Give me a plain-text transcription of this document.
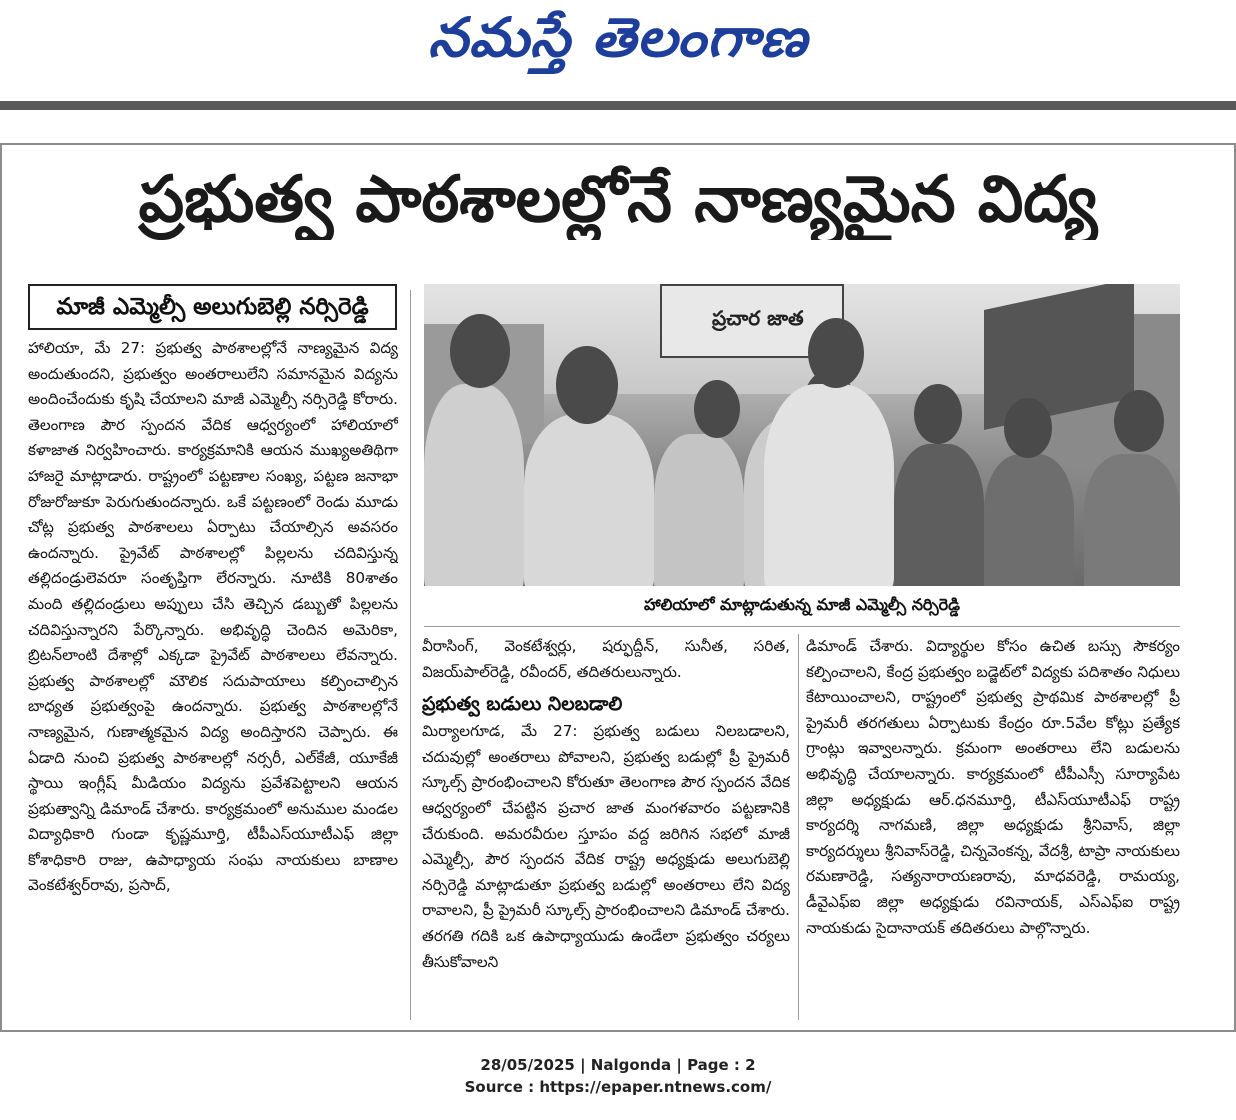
నమస్తే తెలంగాణ
ప్రభుత్వ పాఠశాలల్లోనే నాణ్యమైన విద్య
మాజీ ఎమ్మెల్సీ అలుగుబెల్లి నర్సిరెడ్డి
హాలియా, మే 27: ప్రభుత్వ పాఠశాలల్లోనే నాణ్యమైన విద్య అందుతుందని, ప్రభుత్వం అంతరాలులేని సమానమైన విద్యను అందించేందుకు కృషి చేయాలని మాజీ ఎమ్మెల్సీ నర్సిరెడ్డి కోరారు. తెలంగాణ పౌర స్పందన వేదిక ఆధ్వర్యంలో హాలియాలో కళాజాత నిర్వహించారు. కార్యక్రమానికి ఆయన ముఖ్యఅతిథిగా హాజరై మాట్లాడారు. రాష్ట్రంలో పట్టణాల సంఖ్య, పట్టణ జనాభా రోజురోజుకూ పెరుగుతుందన్నారు. ఒకే పట్టణంలో రెండు మూడు చోట్ల ప్రభుత్వ పాఠశాలలు ఏర్పాటు చేయాల్సిన అవసరం ఉందన్నారు. ప్రైవేట్ పాఠశాలల్లో పిల్లలను చదివిస్తున్న తల్లిదండ్రులెవరూ సంతృప్తిగా లేరన్నారు. నూటికి 80శాతం మంది తల్లిదండ్రులు అప్పులు చేసి తెచ్చిన డబ్బుతో పిల్లలను చదివిస్తున్నారని పేర్కొన్నారు. అభివృద్ధి చెందిన అమెరికా, బ్రిటన్‌లాంటి దేశాల్లో ఎక్కడా ప్రైవేట్ పాఠశాలలు లేవన్నారు. ప్రభుత్వ పాఠశాలల్లో మౌలిక సదుపాయాలు కల్పించాల్సిన బాధ్యత ప్రభుత్వంపై ఉందన్నారు. ప్రభుత్వ పాఠశాలల్లోనే నాణ్యమైన, గుణాత్మకమైన విద్య అందిస్తారని చెప్పారు. ఈ ఏడాది నుంచి ప్రభుత్వ పాఠశాలల్లో నర్సరీ, ఎల్‌కేజీ, యూకేజీ స్థాయి ఇంగ్లీష్ మీడియం విద్యను ప్రవేశపెట్టాలని ఆయన ప్రభుత్వాన్ని డిమాండ్ చేశారు. కార్యక్రమంలో అనుముల మండల విద్యాధికారి గుండా కృష్ణమూర్తి, టీపీఎస్‌యూటీఎఫ్ జిల్లా కోశాధికారి రాజు, ఉపాధ్యాయ సంఘ నాయకులు బాణాల వెంకటేశ్వర్‌రావు, ప్రసాద్,
ప్రచార జాత
హాలియాలో మాట్లాడుతున్న మాజీ ఎమ్మెల్సీ నర్సిరెడ్డి
వీరాసింగ్, వెంకటేశ్వర్లు, షర్ఫుద్దీన్, సునీత, సరిత, విజయ్‌పాల్‌రెడ్డి, రవీందర్, తదితరులున్నారు.
ప్రభుత్వ బడులు నిలబడాలి
మిర్యాలగూడ, మే 27: ప్రభుత్వ బడులు నిలబడాలని, చదువుల్లో అంతరాలు పోవాలని, ప్రభుత్వ బడుల్లో ప్రీ ప్రైమరీ స్కూల్స్ ప్రారంభించాలని కోరుతూ తెలంగాణ పౌర స్పందన వేదిక ఆధ్వర్యంలో చేపట్టిన ప్రచార జాత మంగళవారం పట్టణానికి చేరుకుంది. అమరవీరుల స్తూపం వద్ద జరిగిన సభలో మాజీ ఎమ్మెల్సీ, పౌర స్పందన వేదిక రాష్ట్ర అధ్యక్షుడు అలుగుబెల్లి నర్సిరెడ్డి మాట్లాడుతూ ప్రభుత్వ బడుల్లో అంతరాలు లేని విద్య రావాలని, ప్రీ ప్రైమరీ స్కూల్స్ ప్రారంభించాలని డిమాండ్ చేశారు. తరగతి గదికి ఒక ఉపాధ్యాయుడు ఉండేలా ప్రభుత్వం చర్యలు తీసుకోవాలని
డిమాండ్ చేశారు. విద్యార్థుల కోసం ఉచిత బస్సు సౌకర్యం కల్పించాలని, కేంద్ర ప్రభుత్వం బడ్జెట్‌లో విద్యకు పదిశాతం నిధులు కేటాయించాలని, రాష్ట్రంలో ప్రభుత్వ ప్రాథమిక పాఠశాలల్లో ప్రీ ప్రైమరీ తరగతులు ఏర్పాటుకు కేంద్రం రూ.5వేల కోట్లు ప్రత్యేక గ్రాంట్లు ఇవ్వాలన్నారు. క్రమంగా అంతరాలు లేని బడులను అభివృద్ధి చేయాలన్నారు. కార్యక్రమంలో టీపీఎస్సీ సూర్యాపేట జిల్లా అధ్యక్షుడు ఆర్.ధనమూర్తి, టీఎస్‌యూటీఎఫ్ రాష్ట్ర కార్యదర్శి నాగమణి, జిల్లా అధ్యక్షుడు శ్రీనివాస్, జిల్లా కార్యదర్శులు శ్రీనివాస్‌రెడ్డి, చిన్నవెంకన్న, వేదశ్రీ, టాప్రా నాయకులు రమణారెడ్డి, సత్యనారాయణరావు, మాధవరెడ్డి, రామయ్య, డీవైఎఫ్ఐ జిల్లా అధ్యక్షుడు రవినాయక్, ఎస్ఎఫ్ఐ రాష్ట్ర నాయకుడు సైదానాయక్ తదితరులు పాల్గొన్నారు.
28/05/2025 | Nalgonda | Page : 2
Source : https://epaper.ntnews.com/
